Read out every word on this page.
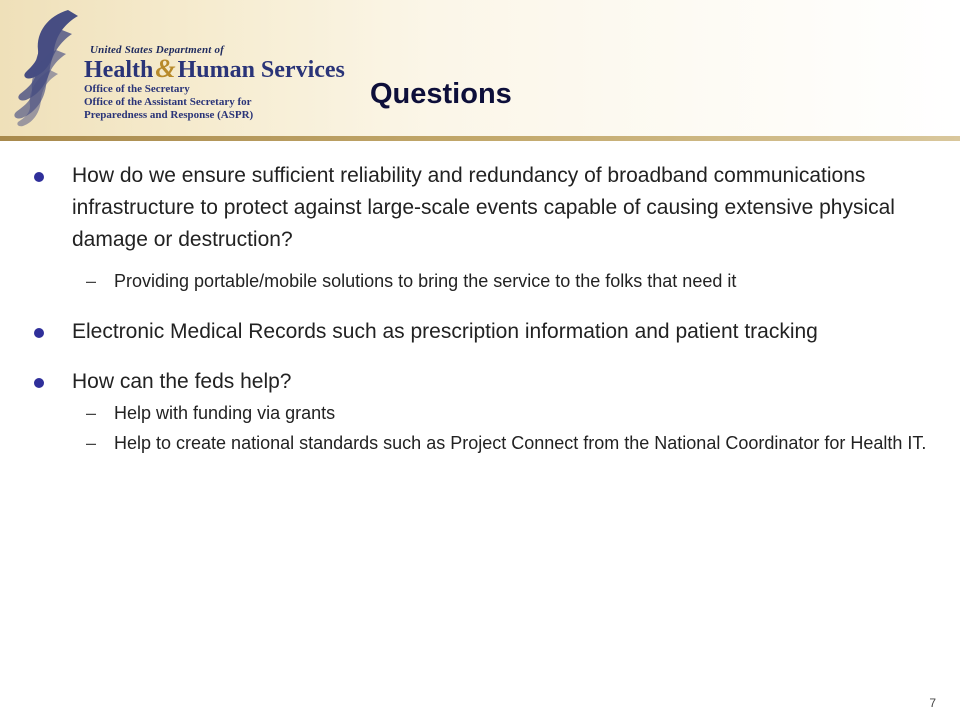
United States Department of
Health&Human Services
Office of the Secretary
Office of the Assistant Secretary for
Preparedness and Response (ASPR)
Questions
How do we ensure sufficient reliability and redundancy of broadband communications infrastructure to protect against large-scale events capable of causing extensive physical damage or destruction?
– Providing portable/mobile solutions to bring the service to the folks that need it
Electronic Medical Records such as prescription information and patient tracking
How can the feds help?
– Help with funding via grants
– Help to create national standards such as Project Connect from the National Coordinator for Health IT.
7
